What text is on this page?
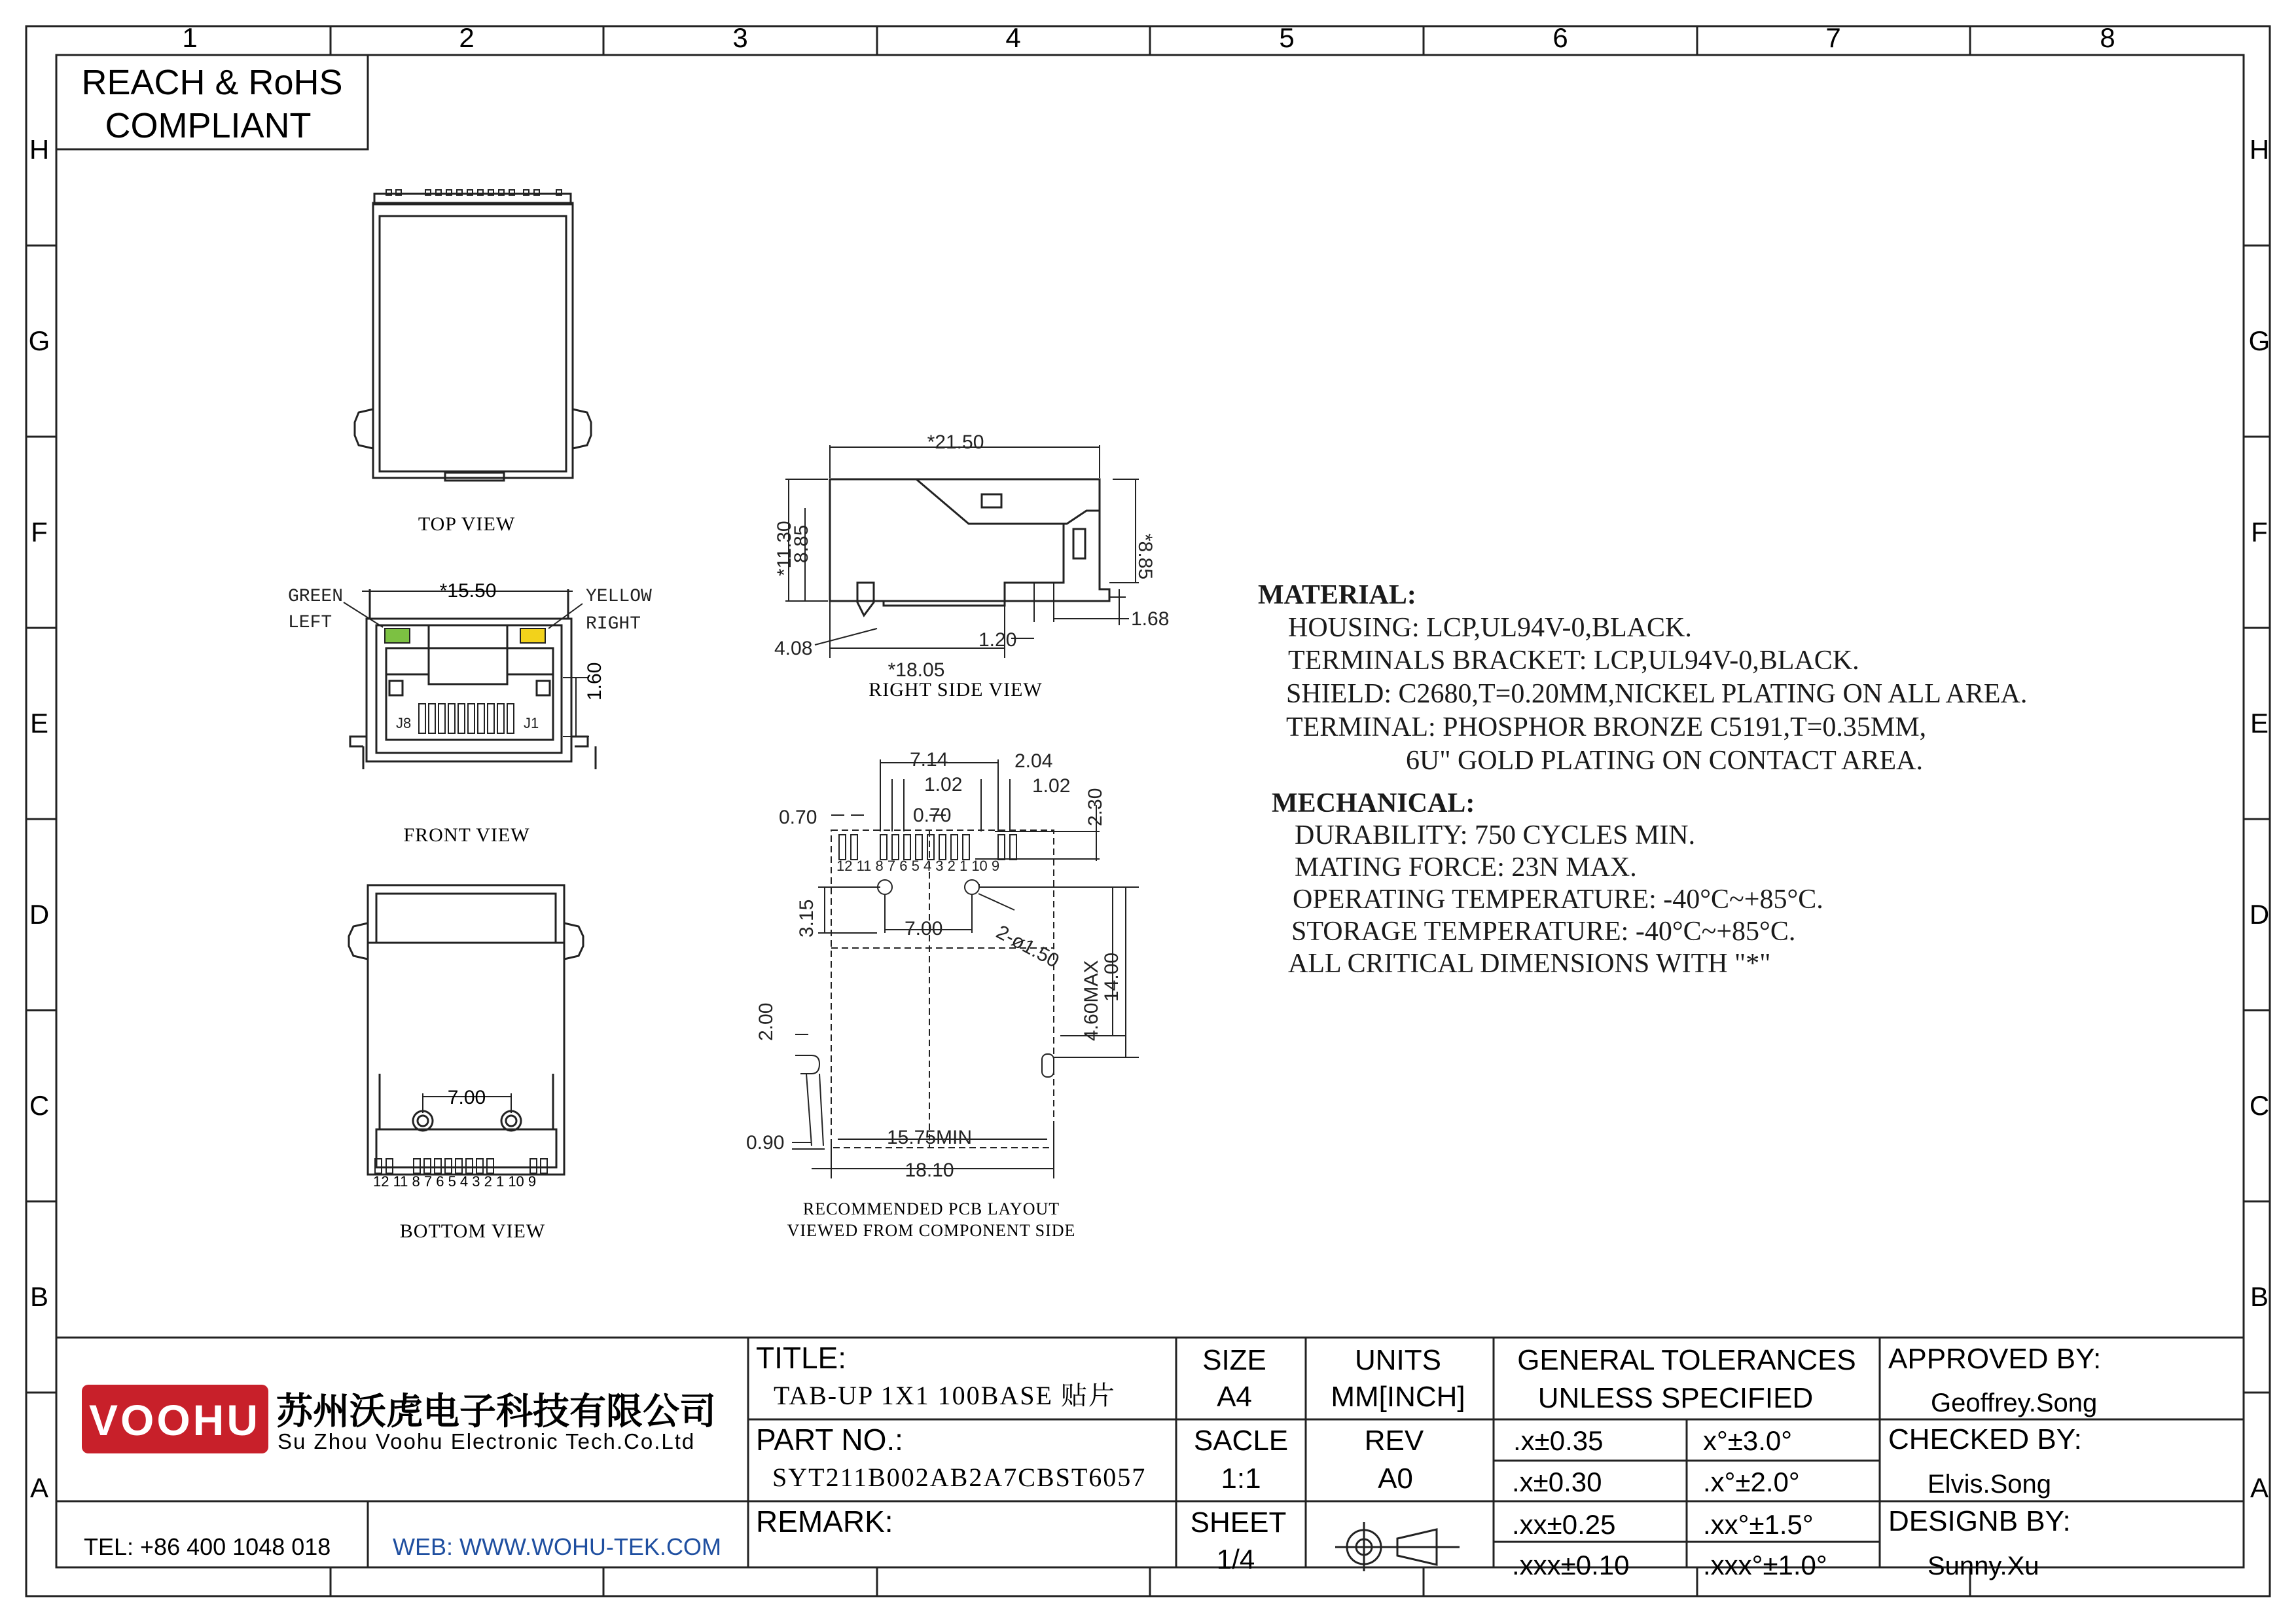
1	2	3	4	5	6	7	8
H
G
F
E
D
C
B
A
H
G
F
E
D
C
B
A
REACH & RoHS
COMPLIANT
TOP VIEW
GREEN
LEFT
YELLOW
RIGHT
J8	J1
*15.50
1.60
FRONT VIEW
7.00
12 11 8 7 6 5 4 3 2 1 10 9
BOTTOM VIEW
*21.50
*11.30
8.85	*8.85
4.08	1.20
1.68
*18.05
RIGHT SIDE VIEW
7.14
1.02
2.04
1.02
2.30
0.70	0.70
3.15	7.00	2-ø1.50
4.60MAX
14.00
2.00
0.90	15.75MIN
18.10
12 11 8 7 6 5 4 3 2 1 10 9
RECOMMENDED PCB LAYOUT
VIEWED FROM COMPONENT SIDE
MATERIAL:
HOUSING: LCP,UL94V-0,BLACK.
TERMINALS BRACKET: LCP,UL94V-0,BLACK.
SHIELD: C2680,T=0.20MM,NICKEL PLATING ON ALL AREA.
TERMINAL: PHOSPHOR BRONZE C5191,T=0.35MM,
6U" GOLD PLATING ON CONTACT AREA.
MECHANICAL:
DURABILITY: 750 CYCLES MIN.
MATING FORCE: 23N MAX.
OPERATING TEMPERATURE: -40°C~+85°C.
STORAGE TEMPERATURE: -40°C~+85°C.
ALL CRITICAL DIMENSIONS WITH "*"
VOOHU 苏州沃虎电子科技有限公司
Su Zhou Voohu Electronic Tech.Co.Ltd
TEL: +86 400 1048 018	WEB: WWW.WOHU-TEK.COM
TITLE:
TAB-UP 1X1 100BASE 贴片
PART NO.:
SYT211B002AB2A7CBST6057
REMARK:
SIZE
A4
SACLE
1:1
SHEET
1/4
UNITS
MM[INCH]
REV
A0
GENERAL TOLERANCES
UNLESS SPECIFIED
.x±0.35	x°±3.0°
.x±0.30	.x°±2.0°
.xx±0.25	.xx°±1.5°
.xxx±0.10	.xxx°±1.0°
APPROVED BY:
Geoffrey.Song
CHECKED BY:
Elvis.Song
DESIGNB BY:
Sunny.Xu
